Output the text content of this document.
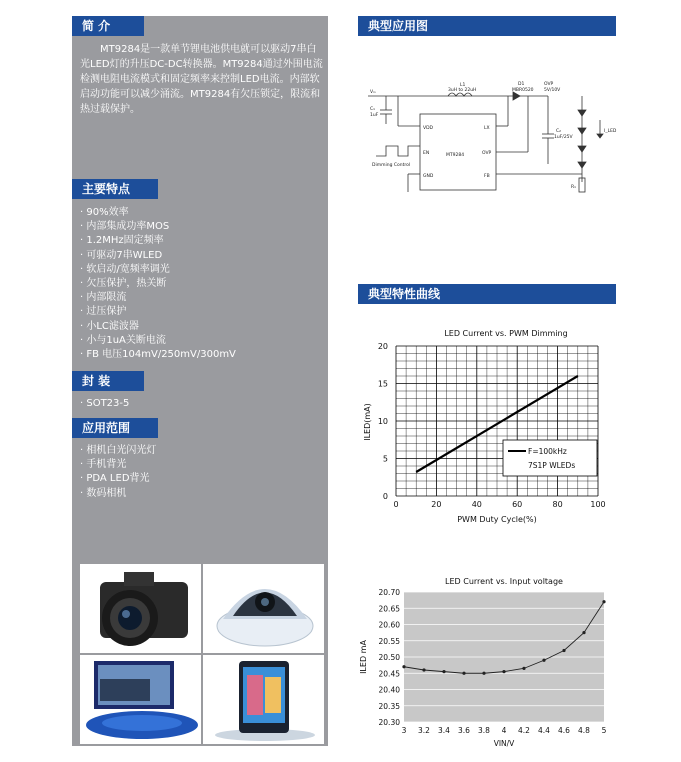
简 介

MT9284是一款单节锂电池供电就可以驱动7串白光LED灯的升压DC-DC转换器。MT9284通过外围电流检测电阻电流模式和固定频率来控制LED电流。内部软启动功能可以减少涌流。MT9284有欠压锁定，限流和热过载保护。

主要特点
· 90%效率
· 内部集成功率MOS
· 1.2MHz固定频率
· 可驱动7串WLED
· 软启动/宽频率调光
· 欠压保护，热关断
· 内部限流
· 过压保护
· 小LC滤波器
· 小与1uA关断电流
· FB 电压104mV/250mV/300mV
封 装
· SOT23-5
应用范围
· 相机白光闪光灯
· 手机背光
· PDA LED背光
· 数码相机
典型应用图
Vᵢₙ
L1
3uH to 22uH
D1
MBR0520
C₁
1uF
C₂
1uF/25V
OVP
5V/10V
MT9284
VDD	LX
EN	OVP
GND	FB
R₁
I_LED
Dimming Control
典型特性曲线
LED Current vs. PWM Dimming
0	20	40	60	80	100
0
5
10
15
20
PWM Duty Cycle(%)
ILED(mA)
F=100kHz
7S1P WLEDs
LED Current vs. Input voltage
20.30
20.35
20.40
20.45
20.50
20.55
20.60
20.65
20.70
3 3.2 3.4 3.6 3.8 4 4.2 4.4 4.6 4.8 5
VIN/V
ILED mA
